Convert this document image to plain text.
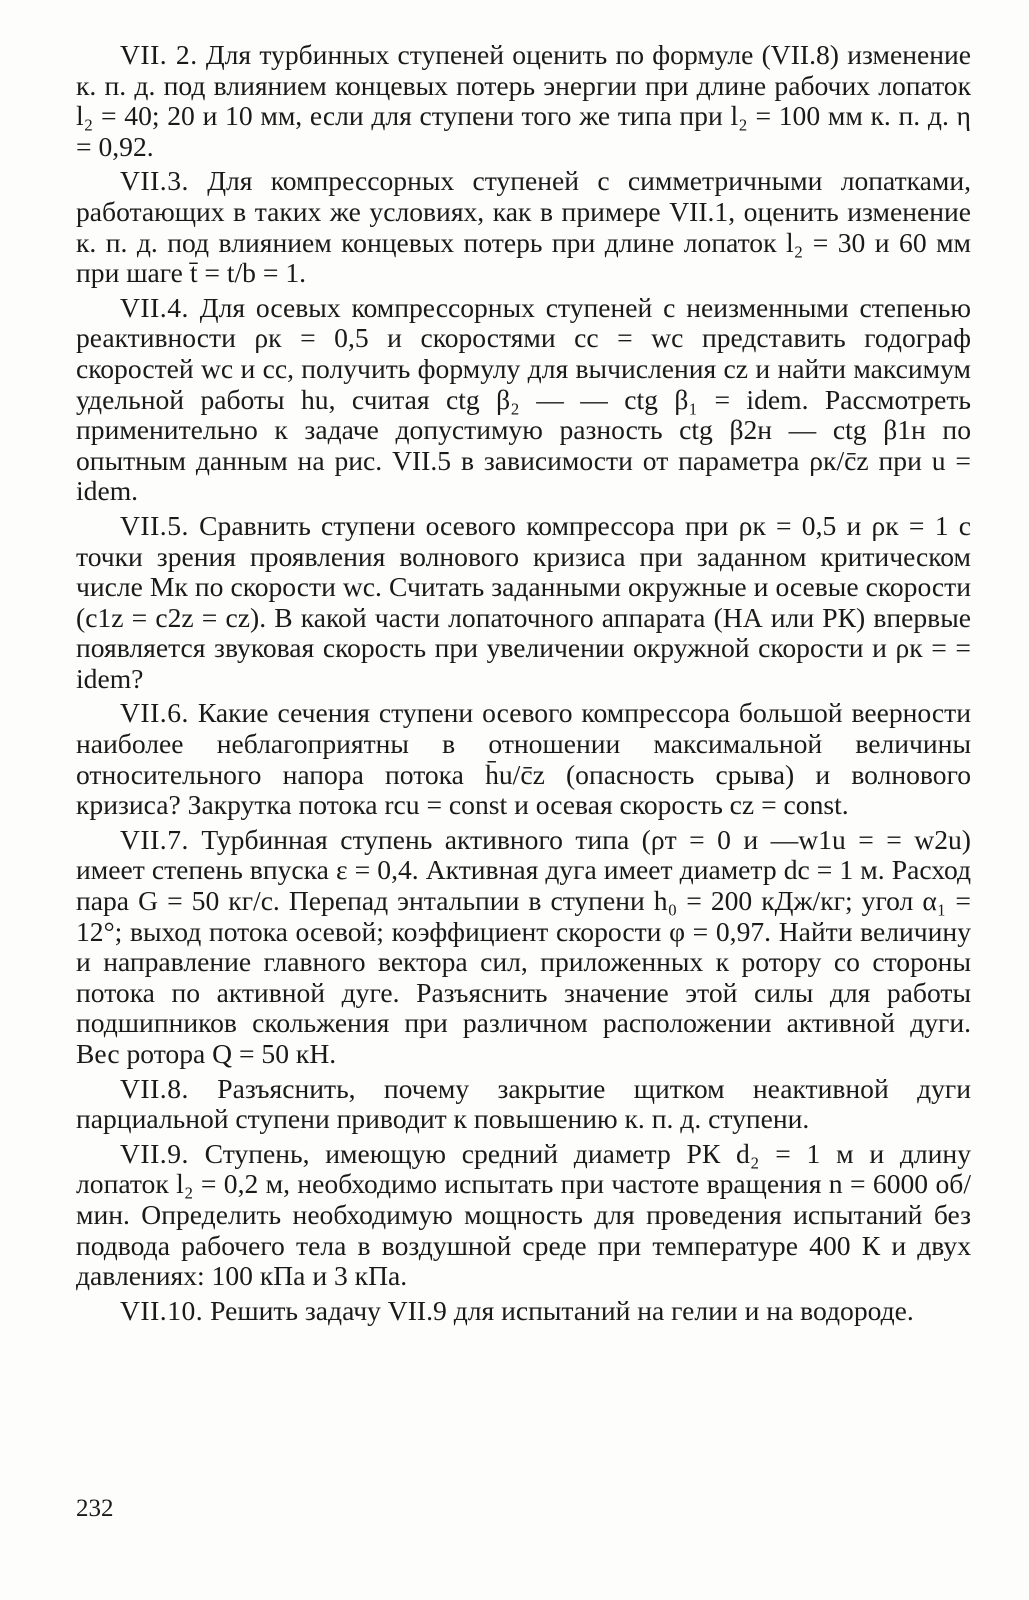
VII. 2. Для турбинных ступеней оценить по формуле (VII.8) изменение к. п. д. под влиянием концевых потерь энергии при длине рабочих лопаток l₂ = 40; 20 и 10 мм, если для ступени того же типа при l₂ = 100 мм к. п. д. η = 0,92.

VII.3. Для компрессорных ступеней с симметричными лопатками, работающих в таких же условиях, как в примере VII.1, оценить изменение к. п. д. под влиянием концевых потерь при длине лопаток l₂ = 30 и 60 мм при шаге t̄ = t/b = 1.

VII.4. Для осевых компрессорных ступеней с неизменными степенью реактивности ρк = 0,5 и скоростями cс = wс представить годограф скоростей wс и cс, получить формулу для вычисления cz и найти максимум удельной работы hu, считая ctg β₂ — — ctg β₁ = idem. Рассмотреть применительно к задаче допустимую разность ctg β2н — ctg β1н по опытным данным на рис. VII.5 в зависимости от параметра ρк/c̄z при u = idem.

VII.5. Сравнить ступени осевого компрессора при ρк = 0,5 и ρк = 1 с точки зрения проявления волнового кризиса при заданном критическом числе Mк по скорости wс. Считать заданными окружные и осевые скорости (c1z = c2z = cz). В какой части лопаточного аппарата (НА или РК) впервые появляется звуковая скорость при увеличении окружной скорости и ρк = = idem?

VII.6. Какие сечения ступени осевого компрессора большой веерности наиболее неблагоприятны в отношении максимальной величины относительного напора потока h̄u/c̄z (опасность срыва) и волнового кризиса? Закрутка потока rcu = const и осевая скорость cz = const.

VII.7. Турбинная ступень активного типа (ρт = 0 и —w1u = = w2u) имеет степень впуска ε = 0,4. Активная дуга имеет диаметр dс = 1 м. Расход пара G = 50 кг/с. Перепад энтальпии в ступени h₀ = 200 кДж/кг; угол α₁ = 12°; выход потока осевой; коэффициент скорости φ = 0,97. Найти величину и направление главного вектора сил, приложенных к ротору со стороны потока по активной дуге. Разъяснить значение этой силы для работы подшипников скольжения при различном расположении активной дуги. Вес ротора Q = 50 кН.

VII.8. Разъяснить, почему закрытие щитком неактивной дуги парциальной ступени приводит к повышению к. п. д. ступени.

VII.9. Ступень, имеющую средний диаметр РК d₂ = 1 м и длину лопаток l₂ = 0,2 м, необходимо испытать при частоте вращения n = 6000 об/мин. Определить необходимую мощность для проведения испытаний без подвода рабочего тела в воздушной среде при температуре 400 К и двух давлениях: 100 кПа и 3 кПа.

VII.10. Решить задачу VII.9 для испытаний на гелии и на водороде.

232
